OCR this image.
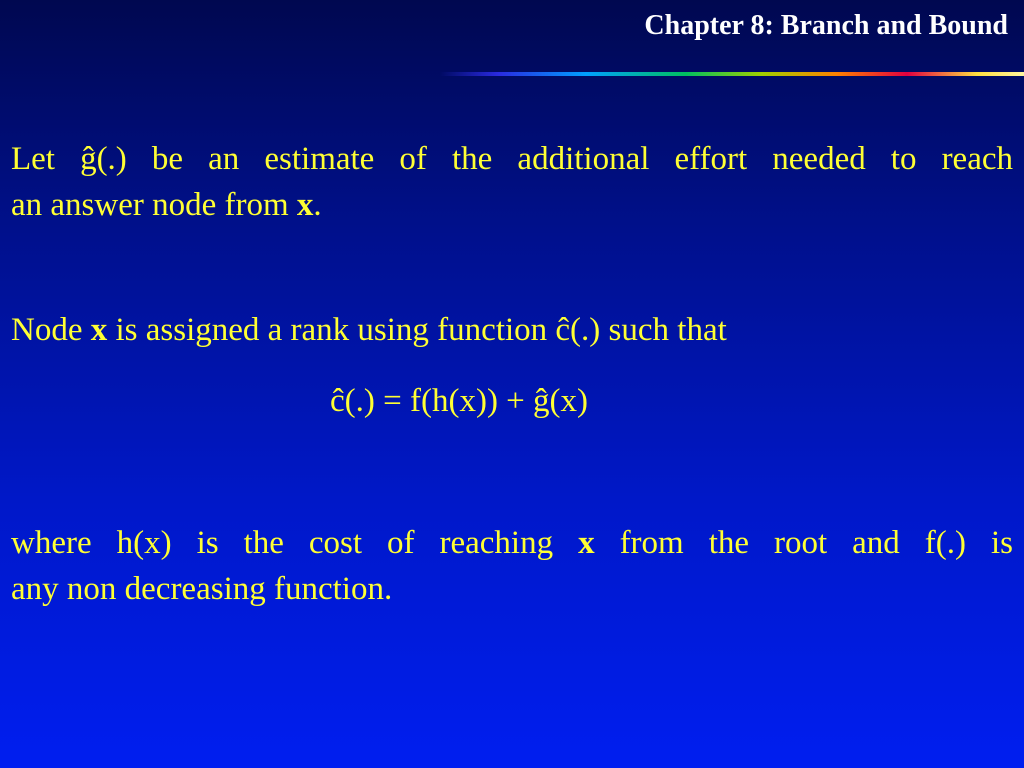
Chapter 8: Branch and Bound
Let ĝ(.) be an estimate of the additional effort needed to reach
an answer node from x.
Node x is assigned a rank using function ĉ(.) such that
ĉ(.) = f(h(x)) + ĝ(x)
where h(x) is the cost of reaching x from the root and f(.) is
any non decreasing function.
